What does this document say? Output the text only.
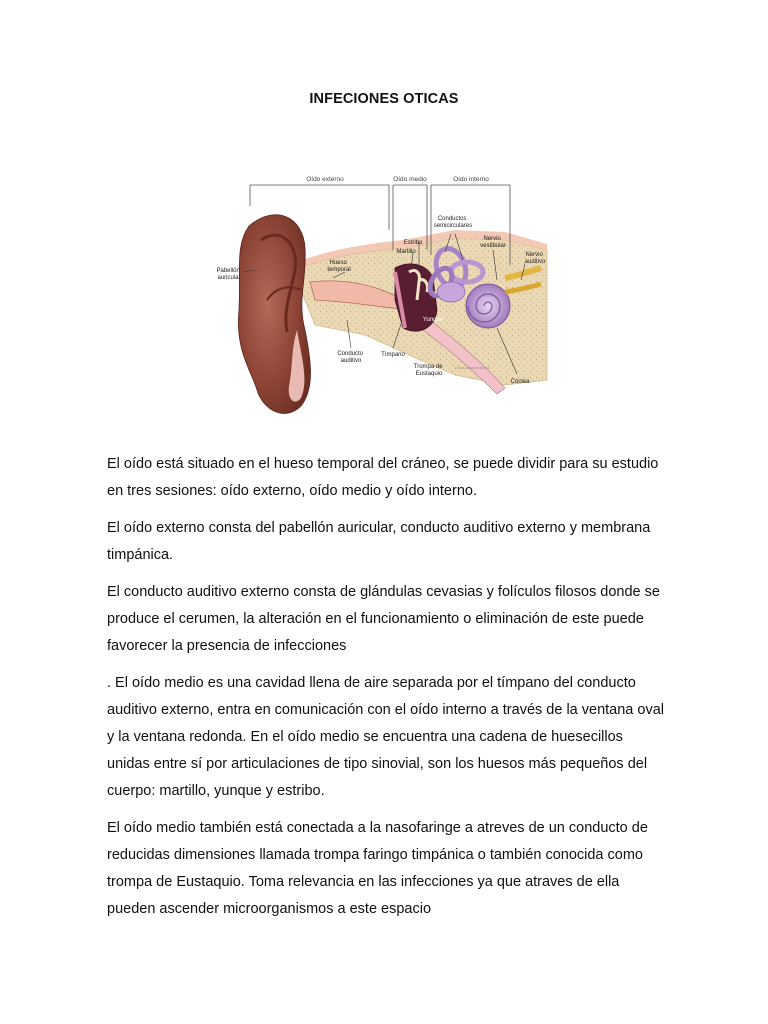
INFECIONES OTICAS
Oído externo	Oído medio	Oído interno
Pabellón auricular
Hueso temporal
Estribo
Martillo
Conductos semicirculares
Nervio vestibular
Nervio auditivo
Yunque
Conducto auditivo
Tímpano
Trompa de Eustaquio
Cóclea

El oído está situado en el hueso temporal del cráneo, se puede dividir para su estudio en tres sesiones: oído externo, oído medio y oído interno.

El oído externo consta del pabellón auricular, conducto auditivo externo y membrana timpánica.

El conducto auditivo externo consta de glándulas cevasias y folículos filosos donde se produce el cerumen, la alteración en el funcionamiento o eliminación de este puede favorecer la presencia de infecciones

. El oído medio es una cavidad llena de aire separada por el tímpano del conducto auditivo externo, entra en comunicación con el oído interno a través de la ventana oval y la ventana redonda. En el oído medio se encuentra una cadena de huesecillos unidas entre sí por articulaciones de tipo sinovial, son los huesos más pequeños del cuerpo: martillo, yunque y estribo.

El oído medio también está conectada a la nasofaringe a atreves de un conducto de reducidas dimensiones llamada trompa faringo timpánica o también conocida como trompa de Eustaquio. Toma relevancia en las infecciones ya que atraves de ella pueden ascender microorganismos a este espacio
